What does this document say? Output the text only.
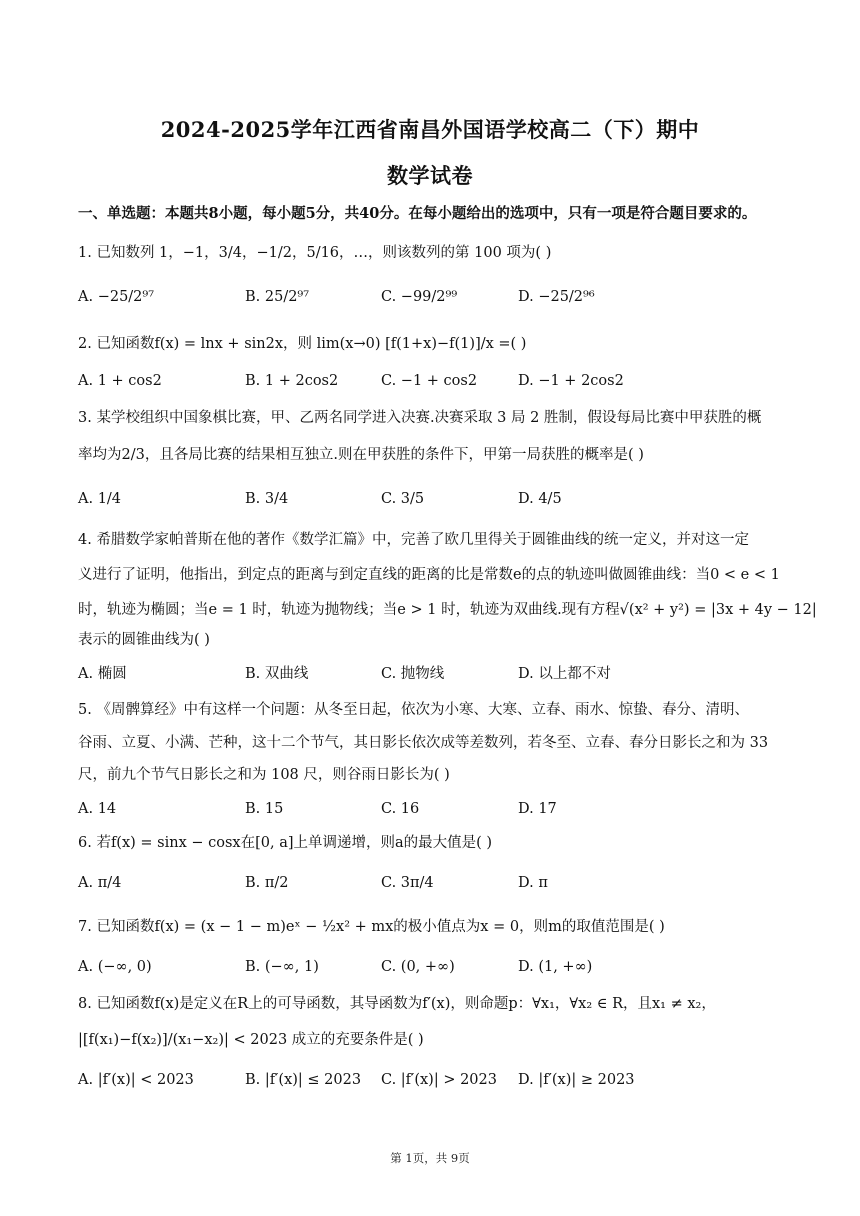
2024-2025学年江西省南昌外国语学校高二（下）期中
数学试卷
一、单选题：本题共8小题，每小题5分，共40分。在每小题给出的选项中，只有一项是符合题目要求的。
1. 已知数列 1，−1，3/4，−1/2，5/16，…，则该数列的第 100 项为( )
A. −25/2⁹⁷	B. 25/2⁹⁷	C. −99/2⁹⁹	D. −25/2⁹⁶
2. 已知函数f(x) = lnx + sin2x，则 lim(x→0) [f(1+x)−f(1)]/x =( )
A. 1 + cos2	B. 1 + 2cos2	C. −1 + cos2	D. −1 + 2cos2
3. 某学校组织中国象棋比赛，甲、乙两名同学进入决赛.决赛采取 3 局 2 胜制，假设每局比赛中甲获胜的概
率均为2/3，且各局比赛的结果相互独立.则在甲获胜的条件下，甲第一局获胜的概率是( )
A. 1/4	B. 3/4	C. 3/5	D. 4/5
4. 希腊数学家帕普斯在他的著作《数学汇篇》中，完善了欧几里得关于圆锥曲线的统一定义，并对这一定
义进行了证明，他指出，到定点的距离与到定直线的距离的比是常数e的点的轨迹叫做圆锥曲线：当0 < e < 1
时，轨迹为椭圆；当e = 1 时，轨迹为抛物线；当e > 1 时，轨迹为双曲线.现有方程√(x² + y²) = |3x + 4y − 12|
表示的圆锥曲线为( )
A. 椭圆	B. 双曲线	C. 抛物线	D. 以上都不对
5. 《周髀算经》中有这样一个问题：从冬至日起，依次为小寒、大寒、立春、雨水、惊蛰、春分、清明、
谷雨、立夏、小满、芒种，这十二个节气，其日影长依次成等差数列，若冬至、立春、春分日影长之和为 33
尺，前九个节气日影长之和为 108 尺，则谷雨日影长为( )
A. 14	B. 15	C. 16	D. 17
6. 若f(x) = sinx − cosx在[0, a]上单调递增，则a的最大值是( )
A. π/4	B. π/2	C. 3π/4	D. π
7. 已知函数f(x) = (x − 1 − m)eˣ − ½x² + mx的极小值点为x = 0，则m的取值范围是( )
A. (−∞, 0)	B. (−∞, 1)	C. (0, +∞)	D. (1, +∞)
8. 已知函数f(x)是定义在R上的可导函数，其导函数为f′(x)，则命题p：∀x₁，∀x₂ ∈ R，且x₁ ≠ x₂，
|[f(x₁)−f(x₂)]/(x₁−x₂)| < 2023 成立的充要条件是( )
A. |f′(x)| < 2023	B. |f′(x)| ≤ 2023 C. |f′(x)| > 2023 D. |f′(x)| ≥ 2023
第 1页，共 9页
